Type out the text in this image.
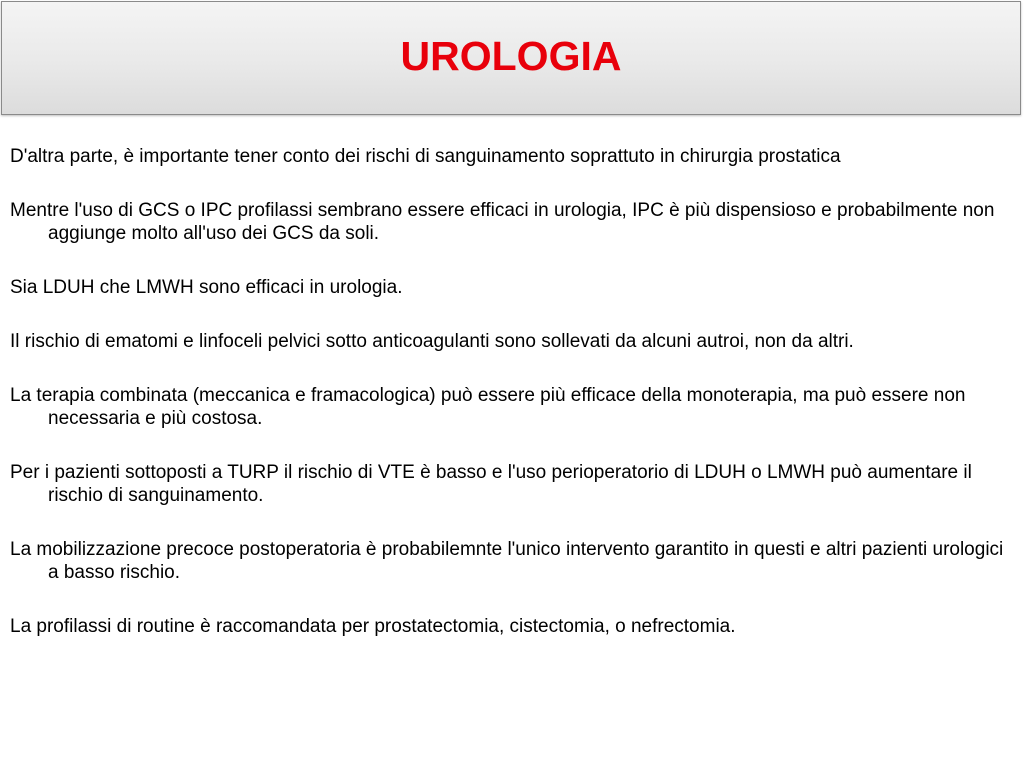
UROLOGIA

D'altra parte, è importante tener conto dei rischi di sanguinamento soprattuto in chirurgia prostatica

Mentre l'uso di GCS o IPC profilassi sembrano essere efficaci in urologia, IPC è più dispensioso e probabilmente non aggiunge molto all'uso dei GCS da soli.

Sia LDUH che LMWH sono efficaci in urologia.

Il rischio di ematomi e linfoceli pelvici sotto anticoagulanti sono sollevati da alcuni autroi, non da altri.

La terapia combinata (meccanica e framacologica) può essere più efficace della monoterapia, ma può essere non necessaria e più costosa.

Per i pazienti sottoposti a TURP il rischio di VTE è basso e l'uso perioperatorio di LDUH o LMWH può aumentare il rischio di sanguinamento.

La mobilizzazione precoce postoperatoria è probabilemnte l'unico intervento garantito in questi e altri pazienti urologici a basso rischio.

La profilassi di routine è raccomandata per prostatectomia, cistectomia, o nefrectomia.
